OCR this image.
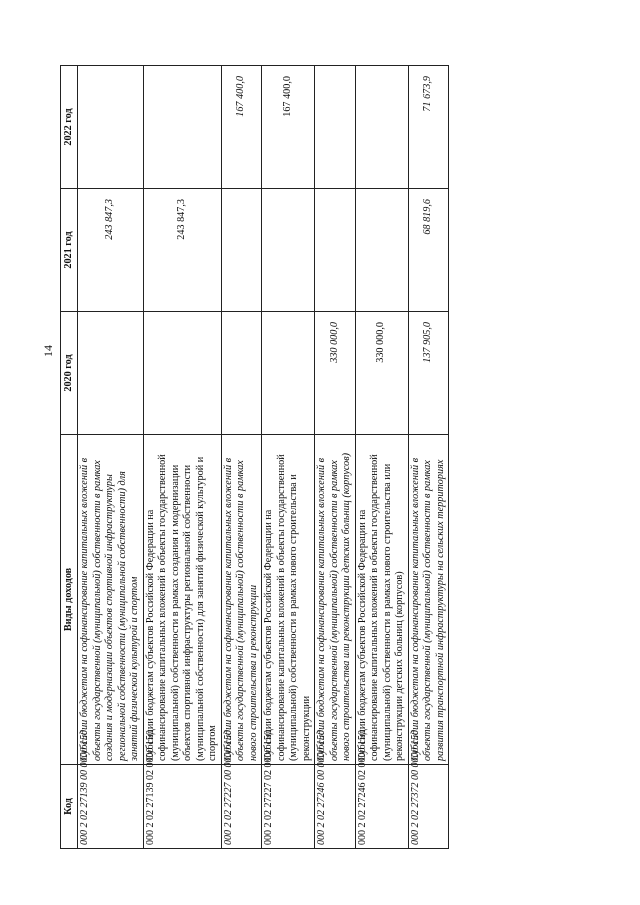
14
Код	Виды доходов	2020 год	2021 год	2022 год
000 2 02 27139 00 0000 150	Субсидии бюджетам на софинансирование капитальных вложений в объекты государственной (муниципальной) собственности в рамках создания и модернизации объектов спортивной инфраструктуры региональной собственности (муниципальной собственности) для занятий физической культурой и спортом		243 847,3	
000 2 02 27139 02 0000 150	Субсидии бюджетам субъектов Российской Федерации на софинансирование капитальных вложений в объекты государственной (муниципальной) собственности в рамках создания и модернизации объектов спортивной инфраструктуры региональной собственности (муниципальной собственности) для занятий физической культурой и спортом		243 847,3	
000 2 02 27227 00 0000 150	Субсидии бюджетам на софинансирование капитальных вложений в объекты государственной (муниципальной) собственности в рамках нового строительства и реконструкции			167 400,0
000 2 02 27227 02 0000 150	Субсидии бюджетам субъектов Российской Федерации на софинансирование капитальных вложений в объекты государственной (муниципальной) собственности в рамках нового строительства и реконструкции			167 400,0
000 2 02 27246 00 0000 150	Субсидии бюджетам на софинансирование капитальных вложений в объекты государственной (муниципальной) собственности в рамках нового строительства или реконструкции детских больниц (корпусов)	330 000,0		
000 2 02 27246 02 0000 150	Субсидии бюджетам субъектов Российской Федерации на софинансирование капитальных вложений в объекты государственной (муниципальной) собственности в рамках нового строительства или реконструкции детских больниц (корпусов)	330 000,0		
000 2 02 27372 00 0000 150	Субсидии бюджетам на софинансирование капитальных вложений в объекты государственной (муниципальной) собственности в рамках развития транспортной инфраструктуры на сельских территориях	137 905,0	68 819,6	71 673,9
